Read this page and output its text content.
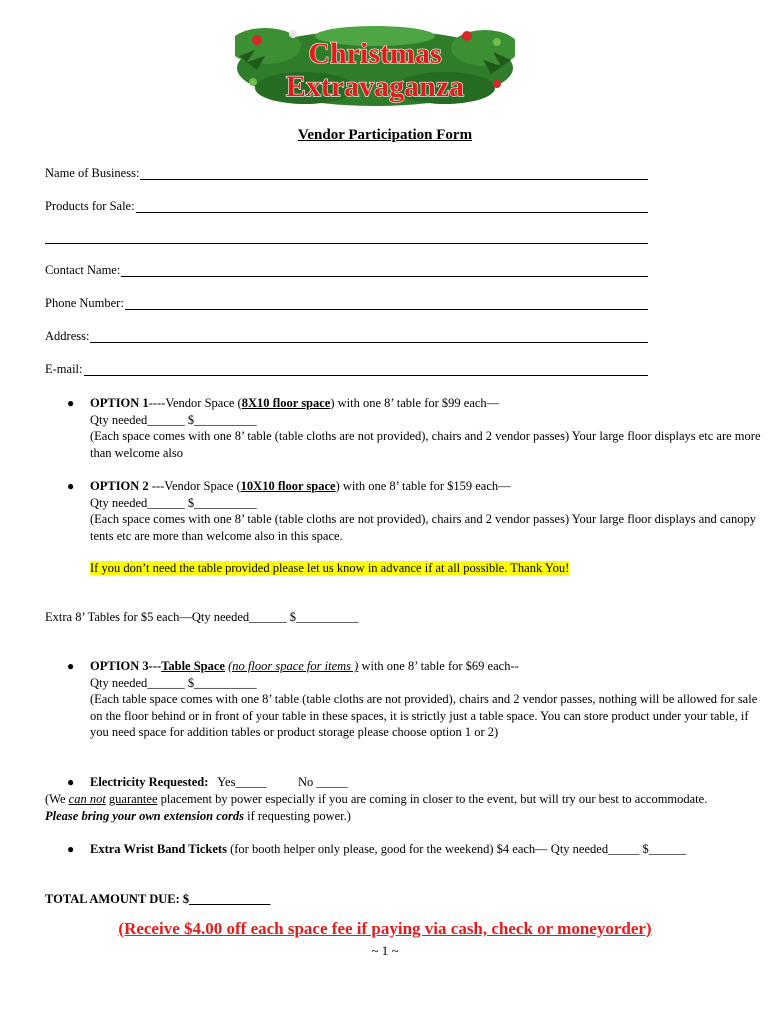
Christmas
Extravaganza
Vendor Participation Form
Name of Business:
Products for Sale:
Contact Name:
Phone Number:
Address:
E-mail:
● OPTION 1----Vendor Space (8X10 floor space) with one 8’ table for $99 each—
Qty needed______ $__________
(Each space comes with one 8’ table (table cloths are not provided), chairs and 2 vendor passes) Your large floor displays etc are more than welcome also
● OPTION 2 ---Vendor Space (10X10 floor space) with one 8’ table for $159 each—
Qty needed______ $__________
(Each space comes with one 8’ table (table cloths are not provided), chairs and 2 vendor passes) Your large floor displays and canopy tents etc are more than welcome also in this space.
If you don’t need the table provided please let us know in advance if at all possible. Thank You!
Extra 8’ Tables for $5 each—Qty needed______ $__________
● OPTION 3---Table Space (no floor space for items ) with one 8’ table for $69 each--
Qty needed______ $__________
(Each table space comes with one 8’ table (table cloths are not provided), chairs and 2 vendor passes, nothing will be allowed for sale on the floor behind or in front of your table in these spaces, it is strictly just a table space. You can store product under your table, if you need space for addition tables or product storage please choose option 1 or 2)
● Electricity Requested:   Yes_____          No _____
(We can not guarantee placement by power especially if you are coming in closer to the event, but will try our best to accommodate. Please bring your own extension cords if requesting power.)
● Extra Wrist Band Tickets (for booth helper only please, good for the weekend) $4 each— Qty needed_____ $______
TOTAL AMOUNT DUE: $_____________
(Receive $4.00 off each space fee if paying via cash, check or moneyorder)
~ 1 ~
